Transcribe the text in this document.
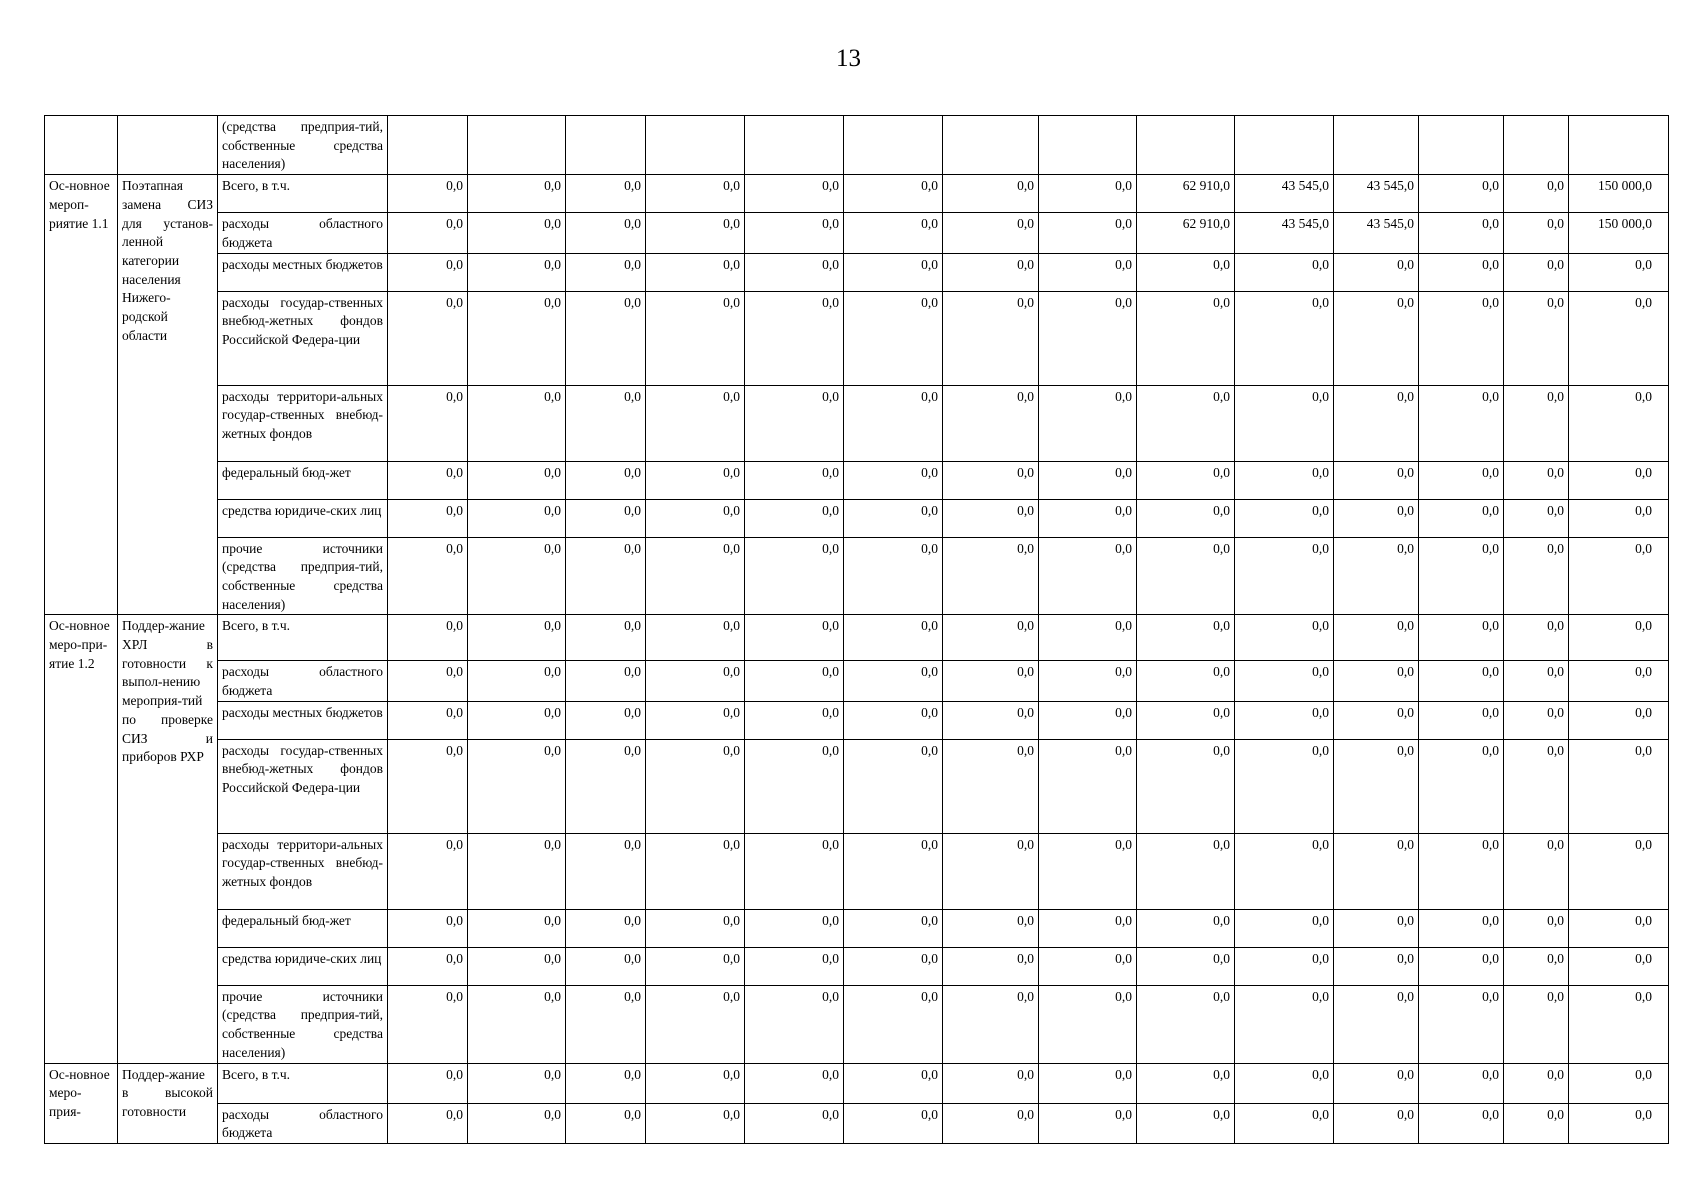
13
		(средства предприя-тий, собственные средства населения)														
Ос-новное мероп-риятие 1.1	Поэтапная замена СИЗ для установ-ленной категории населения Нижего-родской области	Всего, в т.ч.	0,0	0,0	0,0	0,0	0,0	0,0	0,0	0,0	62 910,0	43 545,0	43 545,0	0,0	0,0	150 000,0
		расходы областного бюджета	0,0	0,0	0,0	0,0	0,0	0,0	0,0	0,0	62 910,0	43 545,0	43 545,0	0,0	0,0	150 000,0
		расходы местных бюджетов	0,0	0,0	0,0	0,0	0,0	0,0	0,0	0,0	0,0	0,0	0,0	0,0	0,0	0,0
		расходы государ-ственных внебюд-жетных фондов Российской Федера-ции	0,0	0,0	0,0	0,0	0,0	0,0	0,0	0,0	0,0	0,0	0,0	0,0	0,0	0,0
		расходы территори-альных государ-ственных внебюд-жетных фондов	0,0	0,0	0,0	0,0	0,0	0,0	0,0	0,0	0,0	0,0	0,0	0,0	0,0	0,0
		федеральный бюд-жет	0,0	0,0	0,0	0,0	0,0	0,0	0,0	0,0	0,0	0,0	0,0	0,0	0,0	0,0
		средства юридиче-ских лиц	0,0	0,0	0,0	0,0	0,0	0,0	0,0	0,0	0,0	0,0	0,0	0,0	0,0	0,0
		прочие источники (средства предприя-тий, собственные средства населения)	0,0	0,0	0,0	0,0	0,0	0,0	0,0	0,0	0,0	0,0	0,0	0,0	0,0	0,0
Ос-новное меро-при-ятие 1.2	Поддер-жание ХРЛ в готовности к выпол-нению мероприя-тий по проверке СИЗ и приборов РХР	Всего, в т.ч.	0,0	0,0	0,0	0,0	0,0	0,0	0,0	0,0	0,0	0,0	0,0	0,0	0,0	0,0
		расходы областного бюджета	0,0	0,0	0,0	0,0	0,0	0,0	0,0	0,0	0,0	0,0	0,0	0,0	0,0	0,0
		расходы местных бюджетов	0,0	0,0	0,0	0,0	0,0	0,0	0,0	0,0	0,0	0,0	0,0	0,0	0,0	0,0
		расходы государ-ственных внебюд-жетных фондов Российской Федера-ции	0,0	0,0	0,0	0,0	0,0	0,0	0,0	0,0	0,0	0,0	0,0	0,0	0,0	0,0
		расходы территори-альных государ-ственных внебюд-жетных фондов	0,0	0,0	0,0	0,0	0,0	0,0	0,0	0,0	0,0	0,0	0,0	0,0	0,0	0,0
		федеральный бюд-жет	0,0	0,0	0,0	0,0	0,0	0,0	0,0	0,0	0,0	0,0	0,0	0,0	0,0	0,0
		средства юридиче-ских лиц	0,0	0,0	0,0	0,0	0,0	0,0	0,0	0,0	0,0	0,0	0,0	0,0	0,0	0,0
		прочие источники (средства предприя-тий, собственные средства населения)	0,0	0,0	0,0	0,0	0,0	0,0	0,0	0,0	0,0	0,0	0,0	0,0	0,0	0,0
Ос-новное меро-прия-	Поддер-жание в высокой готовности	Всего, в т.ч.	0,0	0,0	0,0	0,0	0,0	0,0	0,0	0,0	0,0	0,0	0,0	0,0	0,0	0,0
		расходы областного бюджета	0,0	0,0	0,0	0,0	0,0	0,0	0,0	0,0	0,0	0,0	0,0	0,0	0,0	0,0
